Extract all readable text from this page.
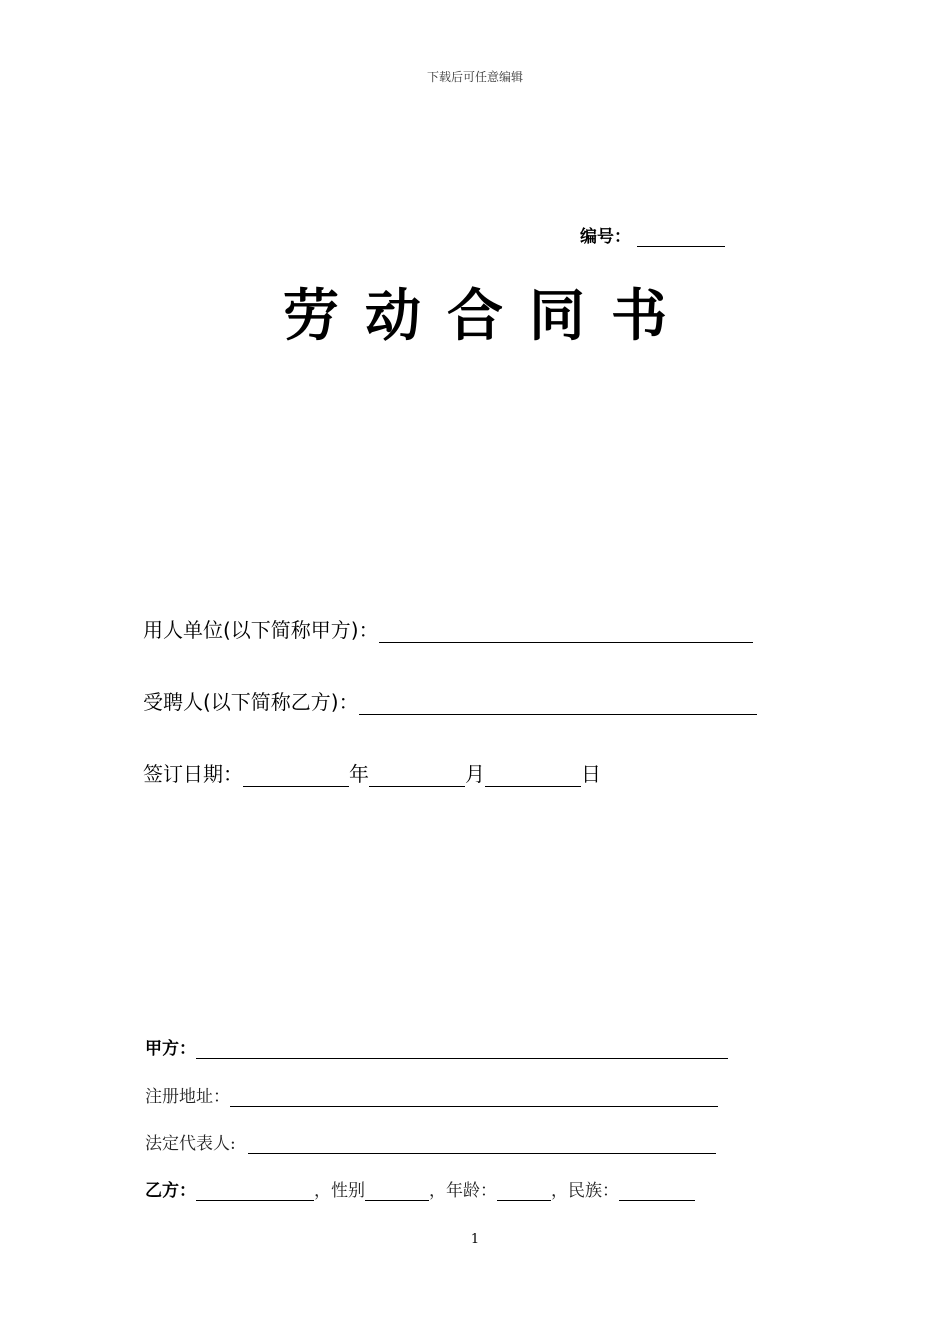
下载后可任意编辑
编号：
劳动合同书
用人单位(以下简称甲方)：
受聘人(以下简称乙方)：
签订日期：	年	月	日
甲方：
注册地址：
法定代表人:
乙方：	，性别	，年龄：	，民族：
1
